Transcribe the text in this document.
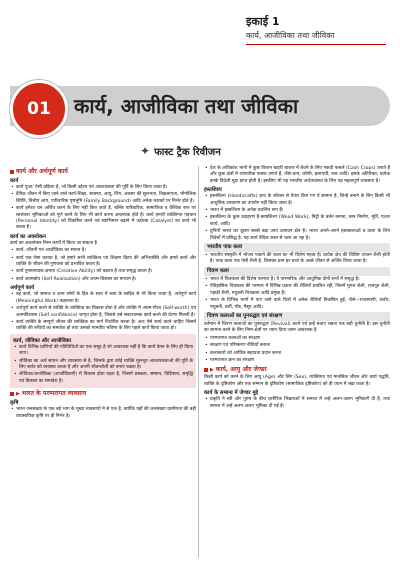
इकाई 1
कार्य, आजीविका तथा जीविका
01	कार्य, आजीविका तथा जीविका
✦ फास्ट ट्रैक रिवीजन
कार्य और अर्थपूर्ण कार्य
कार्य
• कार्य पूजा: ऐसी प्रक्रिया है, जो किसी उद्देश्य एवं आवश्यकता की पूर्ति के लिए किया जाता है।
• दैनिक जीवन में किए जाने वाले कार्य-शिक्षा, स्वास्थ्य, आयु, लिंग, अवसर की सुलभता, विकलांगता, भौगोलिक स्थिति, वित्तीय आय, पारिवारिक पृष्ठभूमि (Family Background) आदि अनेक कारकों पर निर्भर होते हैं।
• कार्य हमेशा धन अर्जित करने के लिए नहीं किए जाते हैं, बल्कि पारिवारिक, सामाजिक व वैश्विक स्तर पर स्वत्तंत्रता भूमिकाओं को पूर्ण करने के लिए भी कार्य करना आवश्यक होते हैं। कार्य हमारी व्यक्तिगत पहचान (Personal Identity) को विकसित करने एवं स्वाभिमान बढ़ाने में उत्प्रेरक (Catalyst) का कार्य भी करता है।
कार्य का अवलोकन
कार्य का अवलोकन निम्न कार्यों में किया जा सकता है
• कार्य, जीवनी एवं आजीविका का साधन है।
• कार्य एक ऐसा कारक है, जो हमारे सभी व्यक्तित्व एवं शिक्षण क्रिया की अभिव्यक्ति और हमारे कार्य और व्यक्ति के जीवन की गुणवत्ता को प्रभावित करता है।
• कार्य पुनरुत्पादक क्षमता (Creative Ability) को बढ़ाता है तथा समृद्ध करता है।
• कार्य आत्मबोध (Self Realisation) और आत्म-विकास का माध्यम है।
अर्थपूर्ण कार्य
• वह कार्य, जो समाज व अन्य लोगों के हित के साथ में स्वयं के स्वहित से भी किया जाता है, अर्थपूर्ण कार्य (Meaningful Work) कहलाता है।
• अर्थपूर्ण कार्य करने से व्यक्ति के व्यक्तित्व का विकास होता है और व्यक्ति में आत्म-गौरव (Self-worth) एवं आत्मविश्वास (Self confidence) जागृत होता है, जिससे उसे सकारात्मक कार्य करने की प्रेरणा मिलती है।
• कार्य व्यक्ति के सम्पूर्ण जीवन की व्यक्तिक का मार्ग निर्धारित करता है। अतः ऐसे कार्य करने चाहिए जिसमें व्यक्ति की रुचियों का समावेश हो तथा उसको मानवीय भविष्य के लिए पहले कार्य किया जाता हो।
कार्य, जीविका और आजीविका
• कार्य विभिन्न प्राणियों की गतिविधियों का एक समूह है जो आवश्यक नहीं है कि कार्य वेतन के लिए ही किया जाए।
• जीविका का अर्थ साधन और व्यवसाय से है, जिसके द्वारा कोई व्यक्ति मूलभूत आवश्यकताओं की पूर्ति के लिए सर्वत्र को व्यवस्था करता है और अपनी जीवनशैली को बनाए रखता है।
• जीविका/आजीविका (आजीविकाएँ) में विकास होता रहता है, जिसमें प्रसन्नता, सम्मान, विशिष्टता, समृद्धि एवं विकास का समावेश है।
▶ भारत के परम्परागत व्यवसाय
कृषि
• भारत जनसंख्या के एक बड़े भाग के मुख्य व्यवसायों में से एक है, क्योंकि यहाँ की जनसंख्या ग्रामीणता की बड़ी व्यवसायिक कृषि पर ही निर्भर है।
• देश के अधिकांश भागों में कुछ विशान बाहरी बाजार में बेचने के लिए नकदी फसलें (Cash Crops) उगाते हैं और कुछ क्षेत्रों में व्यापारिक फसल उगाते हैं, जैसे-चाय, कॉफी, इलायची, रबर आदि। इसके अतिरिक्त, प्रत्येक इनके विदेशी मुद्रा प्राप्त होती है। इसलिए भी यह भारतीय अर्थव्यवस्था के लिए यह महत्वपूर्ण व्यवसाय है।
हस्तशिल्प
• हस्तशिल्प (Handicrafts) हाथ के कौशल से तैयार किए गए वे सामान हैं, जिन्हें बनाने के लिए किसी भी आधुनिक उपकरण का उपयोग नहीं किया जाता है।
• भारत में हस्तशिल्प के अनेक प्रचलित रूप हैं।
• हस्तशिल्प के कुछ उदाहरण हैं-काष्ठशिल्प (Wood Work), मिट्टी के बर्तन बनाना, वस्त्र निर्माण, मूर्ति, पत्थर कार्य, आदि।
• दुनियाँ भारत का दूसरा सबसे बड़ा आय उत्पादन क्षेत्र है। भारत अपने-अपने हस्तकलाओं व कला के लिए विदेशों में प्रसिद्ध है, यह कार्य वैदिक काल से चला आ रहा है।
भारतीय पाक कला
• भारतीय संस्कृति में भोजन पकाने की कला का भी विशेष महत्व है। प्रत्येक क्षेत्र की विशिष्ट व्यंजन शैली होती है। पाक कला एक ऐसी शैली है, जिसका ज्ञान हर बच्चे के अच्छे जीवन से अर्जित किया जाता है।
चित्रण कला
• भारत में चित्रकला की विशेष परम्परा है। ये पारम्परिक और आधुनिक दोनों रूपों में समृद्ध है।
• ऐतिहासिक चित्रकला की परम्परा में विभिन्न प्रकार की शैलियाँ प्रचलित रहीं, जिनमें मुगल शैली, राजपूत शैली, पहाड़ी शैली, मधुबनी चित्रकला आदि प्रमुख हैं।
• भारत के विभिन्न भागों में पाए जाने वाले चित्रों में अनेक शैलियाँ विकसित हुईं, जैसे—राजस्थानी, तंजौर, मधुबनी, वर्ली, गोंड, मैसूर आदि।
चित्रण कलाओं का पुनरुद्धार एवं संरक्षण
वर्तमान में चित्रण कलाओं का पुनरुद्धार (Revival) करने एवं इन्हें बचाए रखना एक बड़ी चुनौती है। इस चुनौती का सामना करने के लिए निम्न क्षेत्रों पर ध्यान दिया जाना आवश्यक है
• परम्परागत कलाओं का संरक्षण
• संरक्षण एवं परिष्करण नीतियाँ बनाना
• कलाकारों को आर्थिक सहायता प्रदान करना
• परम्परागत ज्ञान का संरक्षण
▶ कार्य, आयु और जेण्डर
किसी कार्य को करने के लिए आयु (Age) और लिंग (Sex), व्यक्तिगत एवं मानसिक जीवन और कार्य पद्धति, व्यक्ति के दृष्टिकोण और एक सम्मान के दृष्टिकोण (सामाजिक दृष्टिकोण) को ही ध्यान में रखा जाता है।
कार्य के सम्बन्ध में जेण्डर मुद्दे
• प्रकृति ने स्त्री और पुरुष के बीच शारीरिक भिन्नताओं में समाज में उन्हें अलग-अलग भूमिकाएँ दी हैं, तथा समाज में उन्हें अलग-अलग भूमिका दी गई हैं।
